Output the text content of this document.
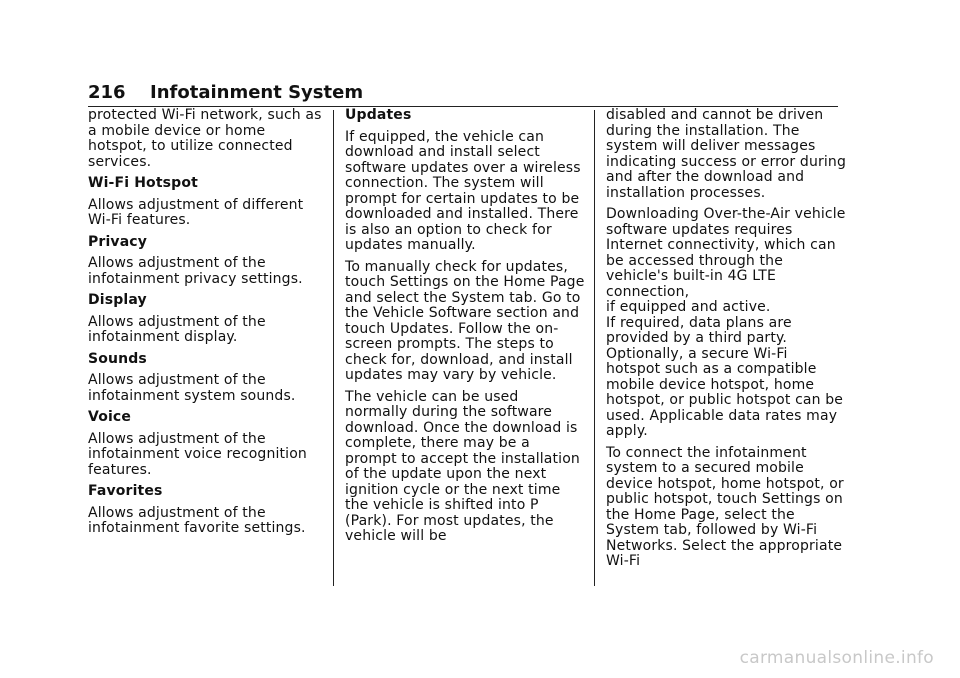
216 Infotainment System

protected Wi-Fi network, such as a mobile device or home hotspot, to utilize connected services.

Wi-Fi Hotspot

Allows adjustment of different Wi-Fi features.

Privacy

Allows adjustment of the infotainment privacy settings.

Display

Allows adjustment of the infotainment display.

Sounds

Allows adjustment of the infotainment system sounds.

Voice

Allows adjustment of the infotainment voice recognition features.

Favorites

Allows adjustment of the infotainment favorite settings.

Updates

If equipped, the vehicle can download and install select software updates over a wireless connection. The system will prompt for certain updates to be downloaded and installed. There is also an option to check for updates manually.

To manually check for updates, touch Settings on the Home Page and select the System tab. Go to the Vehicle Software section and touch Updates. Follow the on-screen prompts. The steps to check for, download, and install updates may vary by vehicle.

The vehicle can be used normally during the software download. Once the download is complete, there may be a prompt to accept the installation of the update upon the next ignition cycle or the next time the vehicle is shifted into P (Park). For most updates, the vehicle will be

disabled and cannot be driven during the installation. The system will deliver messages indicating success or error during and after the download and installation processes.

Downloading Over-the-Air vehicle software updates requires Internet connectivity, which can be accessed through the vehicle's built-in 4G LTE connection,

if equipped and active.

If required, data plans are provided by a third party. Optionally, a secure Wi-Fi hotspot such as a compatible mobile device hotspot, home hotspot, or public hotspot can be used. Applicable data rates may apply.

To connect the infotainment system to a secured mobile device hotspot, home hotspot, or public hotspot, touch Settings on the Home Page, select the System tab, followed by Wi-Fi Networks. Select the appropriate Wi-Fi

carmanualsonline.info
